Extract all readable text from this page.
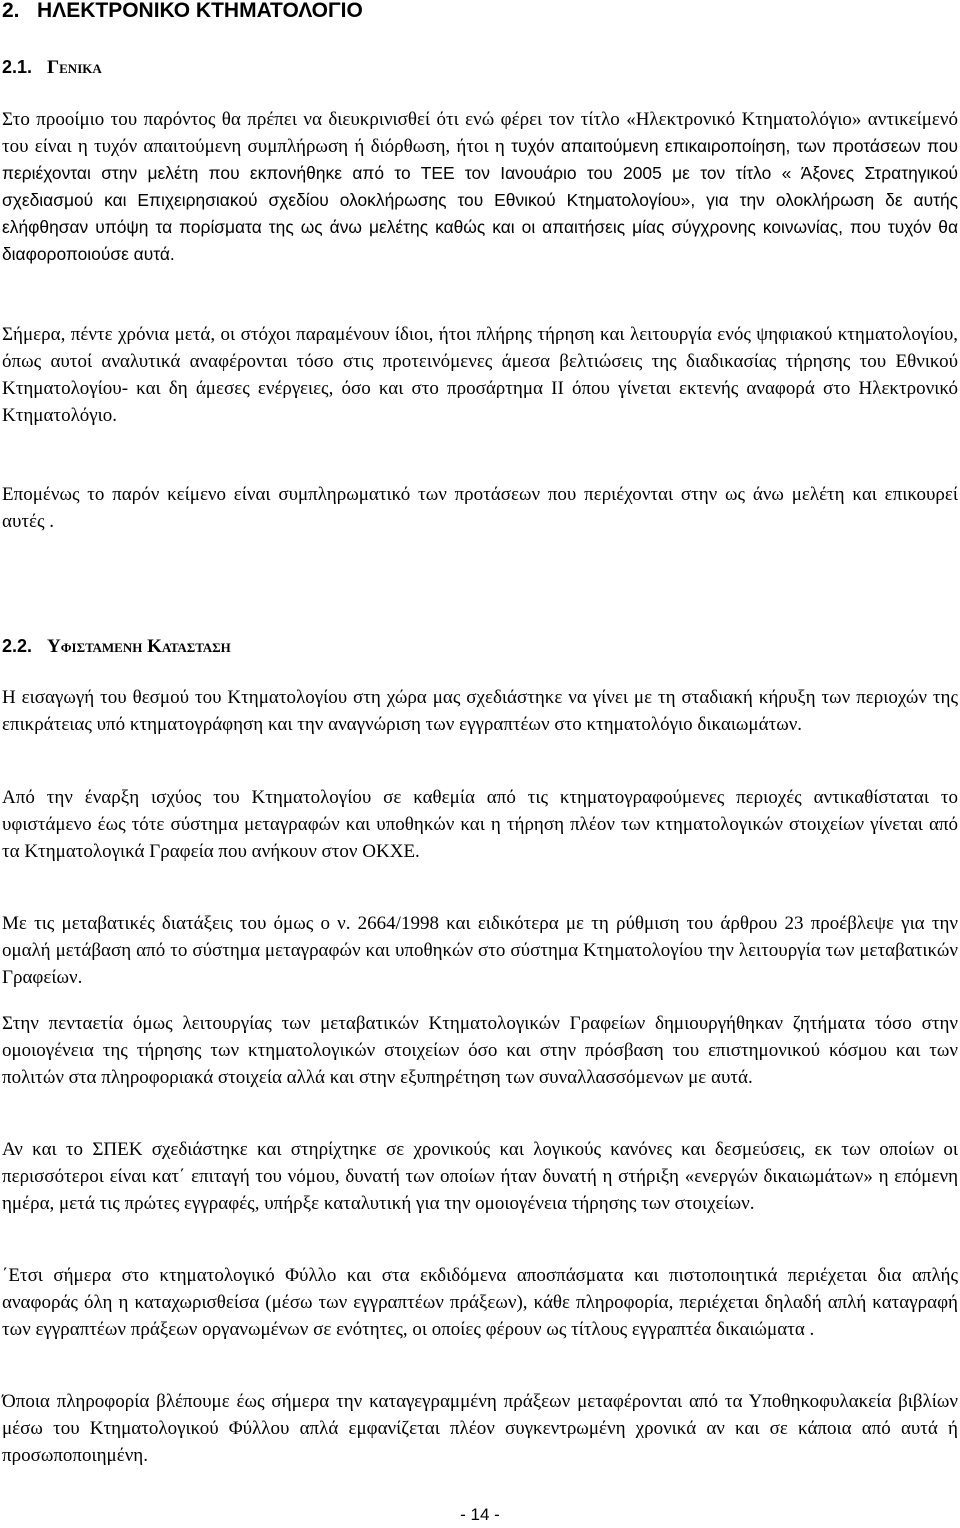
2. ΗΛΕΚΤΡΟΝΙΚΟ ΚΤΗΜΑΤΟΛΟΓΙΟ
2.1. Γενικα

Στο προοίμιο του παρόντος θα πρέπει να διευκρινισθεί ότι ενώ φέρει τον τίτλο «Ηλεκτρονικό Κτηματολόγιο» αντικείμενό του είναι η τυχόν απαιτούμενη συμπλήρωση ή διόρθωση, ήτοι η τυχόν απαιτούμενη επικαιροποίηση, των προτάσεων που περιέχονται στην μελέτη που εκπονήθηκε από το ΤΕΕ τον Ιανουάριο του 2005 με τον τίτλο « Άξονες Στρατηγικού σχεδιασμού και Επιχειρησιακού σχεδίου ολοκλήρωσης του Εθνικού Κτηματολογίου», για την ολοκλήρωση δε αυτής ελήφθησαν υπόψη τα πορίσματα της ως άνω μελέτης καθώς και οι απαιτήσεις μίας σύγχρονης κοινωνίας, που τυχόν θα διαφοροποιούσε αυτά.

Σήμερα, πέντε χρόνια μετά, οι στόχοι παραμένουν ίδιοι, ήτοι πλήρης τήρηση και λειτουργία ενός ψηφιακού κτηματολογίου, όπως αυτοί αναλυτικά αναφέρονται τόσο στις προτεινόμενες άμεσα βελτιώσεις της διαδικασίας τήρησης του Εθνικού Κτηματολογίου- και δη άμεσες ενέργειες, όσο και στο προσάρτημα ΙΙ όπου γίνεται εκτενής αναφορά στο Ηλεκτρονικό Κτηματολόγιο.

Επομένως το παρόν κείμενο είναι συμπληρωματικό των προτάσεων που περιέχονται στην ως άνω μελέτη και επικουρεί αυτές .

2.2. Υφισταμενη Κατασταση

Η εισαγωγή του θεσμού του Κτηματολογίου στη χώρα μας σχεδιάστηκε να γίνει με τη σταδιακή κήρυξη των περιοχών της επικράτειας υπό κτηματογράφηση και την αναγνώριση των εγγραπτέων στο κτηματολόγιο δικαιωμάτων.

Από την έναρξη ισχύος του Κτηματολογίου σε καθεμία από τις κτηματογραφούμενες περιοχές αντικαθίσταται το υφιστάμενο έως τότε σύστημα μεταγραφών και υποθηκών και η τήρηση πλέον των κτηματολογικών στοιχείων γίνεται από τα Κτηματολογικά Γραφεία που ανήκουν στον ΟΚΧΕ.

Με τις μεταβατικές διατάξεις του όμως ο ν. 2664/1998 και ειδικότερα με τη ρύθμιση του άρθρου 23 προέβλεψε για την ομαλή μετάβαση από το σύστημα μεταγραφών και υποθηκών στο σύστημα Κτηματολογίου την λειτουργία των μεταβατικών Γραφείων.

Στην πενταετία όμως λειτουργίας των μεταβατικών Κτηματολογικών Γραφείων δημιουργήθηκαν ζητήματα τόσο στην ομοιογένεια της τήρησης των κτηματολογικών στοιχείων όσο και στην πρόσβαση του επιστημονικού κόσμου και των πολιτών στα πληροφοριακά στοιχεία αλλά και στην εξυπηρέτηση των συναλλασσόμενων με αυτά.

Αν και το ΣΠΕΚ σχεδιάστηκε και στηρίχτηκε σε χρονικούς και λογικούς κανόνες και δεσμεύσεις, εκ των οποίων οι περισσότεροι είναι κατ΄ επιταγή του νόμου, δυνατή των οποίων ήταν δυνατή η στήριξη «ενεργών δικαιωμάτων» η επόμενη ημέρα, μετά τις πρώτες εγγραφές, υπήρξε καταλυτική για την ομοιογένεια τήρησης των στοιχείων.

΄Ετσι σήμερα στο κτηματολογικό Φύλλο και στα εκδιδόμενα αποσπάσματα και πιστοποιητικά περιέχεται δια απλής αναφοράς όλη η καταχωρισθείσα (μέσω των εγγραπτέων πράξεων), κάθε πληροφορία, περιέχεται δηλαδή απλή καταγραφή των εγγραπτέων πράξεων οργανωμένων σε ενότητες, οι οποίες φέρουν ως τίτλους εγγραπτέα δικαιώματα .

Όποια πληροφορία βλέπουμε έως σήμερα την καταγεγραμμένη πράξεων μεταφέρονται από τα Υποθηκοφυλακεία βιβλίων μέσω του Κτηματολογικού Φύλλου απλά εμφανίζεται πλέον συγκεντρωμένη χρονικά αν και σε κάποια από αυτά ή προσωποποιημένη.

- 14 -
